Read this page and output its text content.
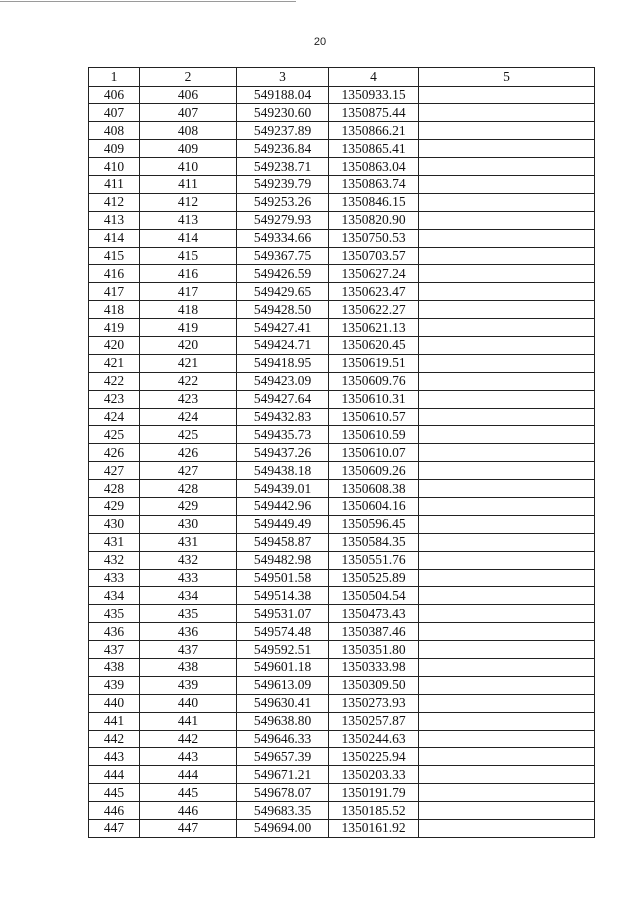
20
1	2	3	4	5
406	406	549188.04	1350933.15	
407	407	549230.60	1350875.44	
408	408	549237.89	1350866.21	
409	409	549236.84	1350865.41	
410	410	549238.71	1350863.04	
411	411	549239.79	1350863.74	
412	412	549253.26	1350846.15	
413	413	549279.93	1350820.90	
414	414	549334.66	1350750.53	
415	415	549367.75	1350703.57	
416	416	549426.59	1350627.24	
417	417	549429.65	1350623.47	
418	418	549428.50	1350622.27	
419	419	549427.41	1350621.13	
420	420	549424.71	1350620.45	
421	421	549418.95	1350619.51	
422	422	549423.09	1350609.76	
423	423	549427.64	1350610.31	
424	424	549432.83	1350610.57	
425	425	549435.73	1350610.59	
426	426	549437.26	1350610.07	
427	427	549438.18	1350609.26	
428	428	549439.01	1350608.38	
429	429	549442.96	1350604.16	
430	430	549449.49	1350596.45	
431	431	549458.87	1350584.35	
432	432	549482.98	1350551.76	
433	433	549501.58	1350525.89	
434	434	549514.38	1350504.54	
435	435	549531.07	1350473.43	
436	436	549574.48	1350387.46	
437	437	549592.51	1350351.80	
438	438	549601.18	1350333.98	
439	439	549613.09	1350309.50	
440	440	549630.41	1350273.93	
441	441	549638.80	1350257.87	
442	442	549646.33	1350244.63	
443	443	549657.39	1350225.94	
444	444	549671.21	1350203.33	
445	445	549678.07	1350191.79	
446	446	549683.35	1350185.52	
447	447	549694.00	1350161.92	
